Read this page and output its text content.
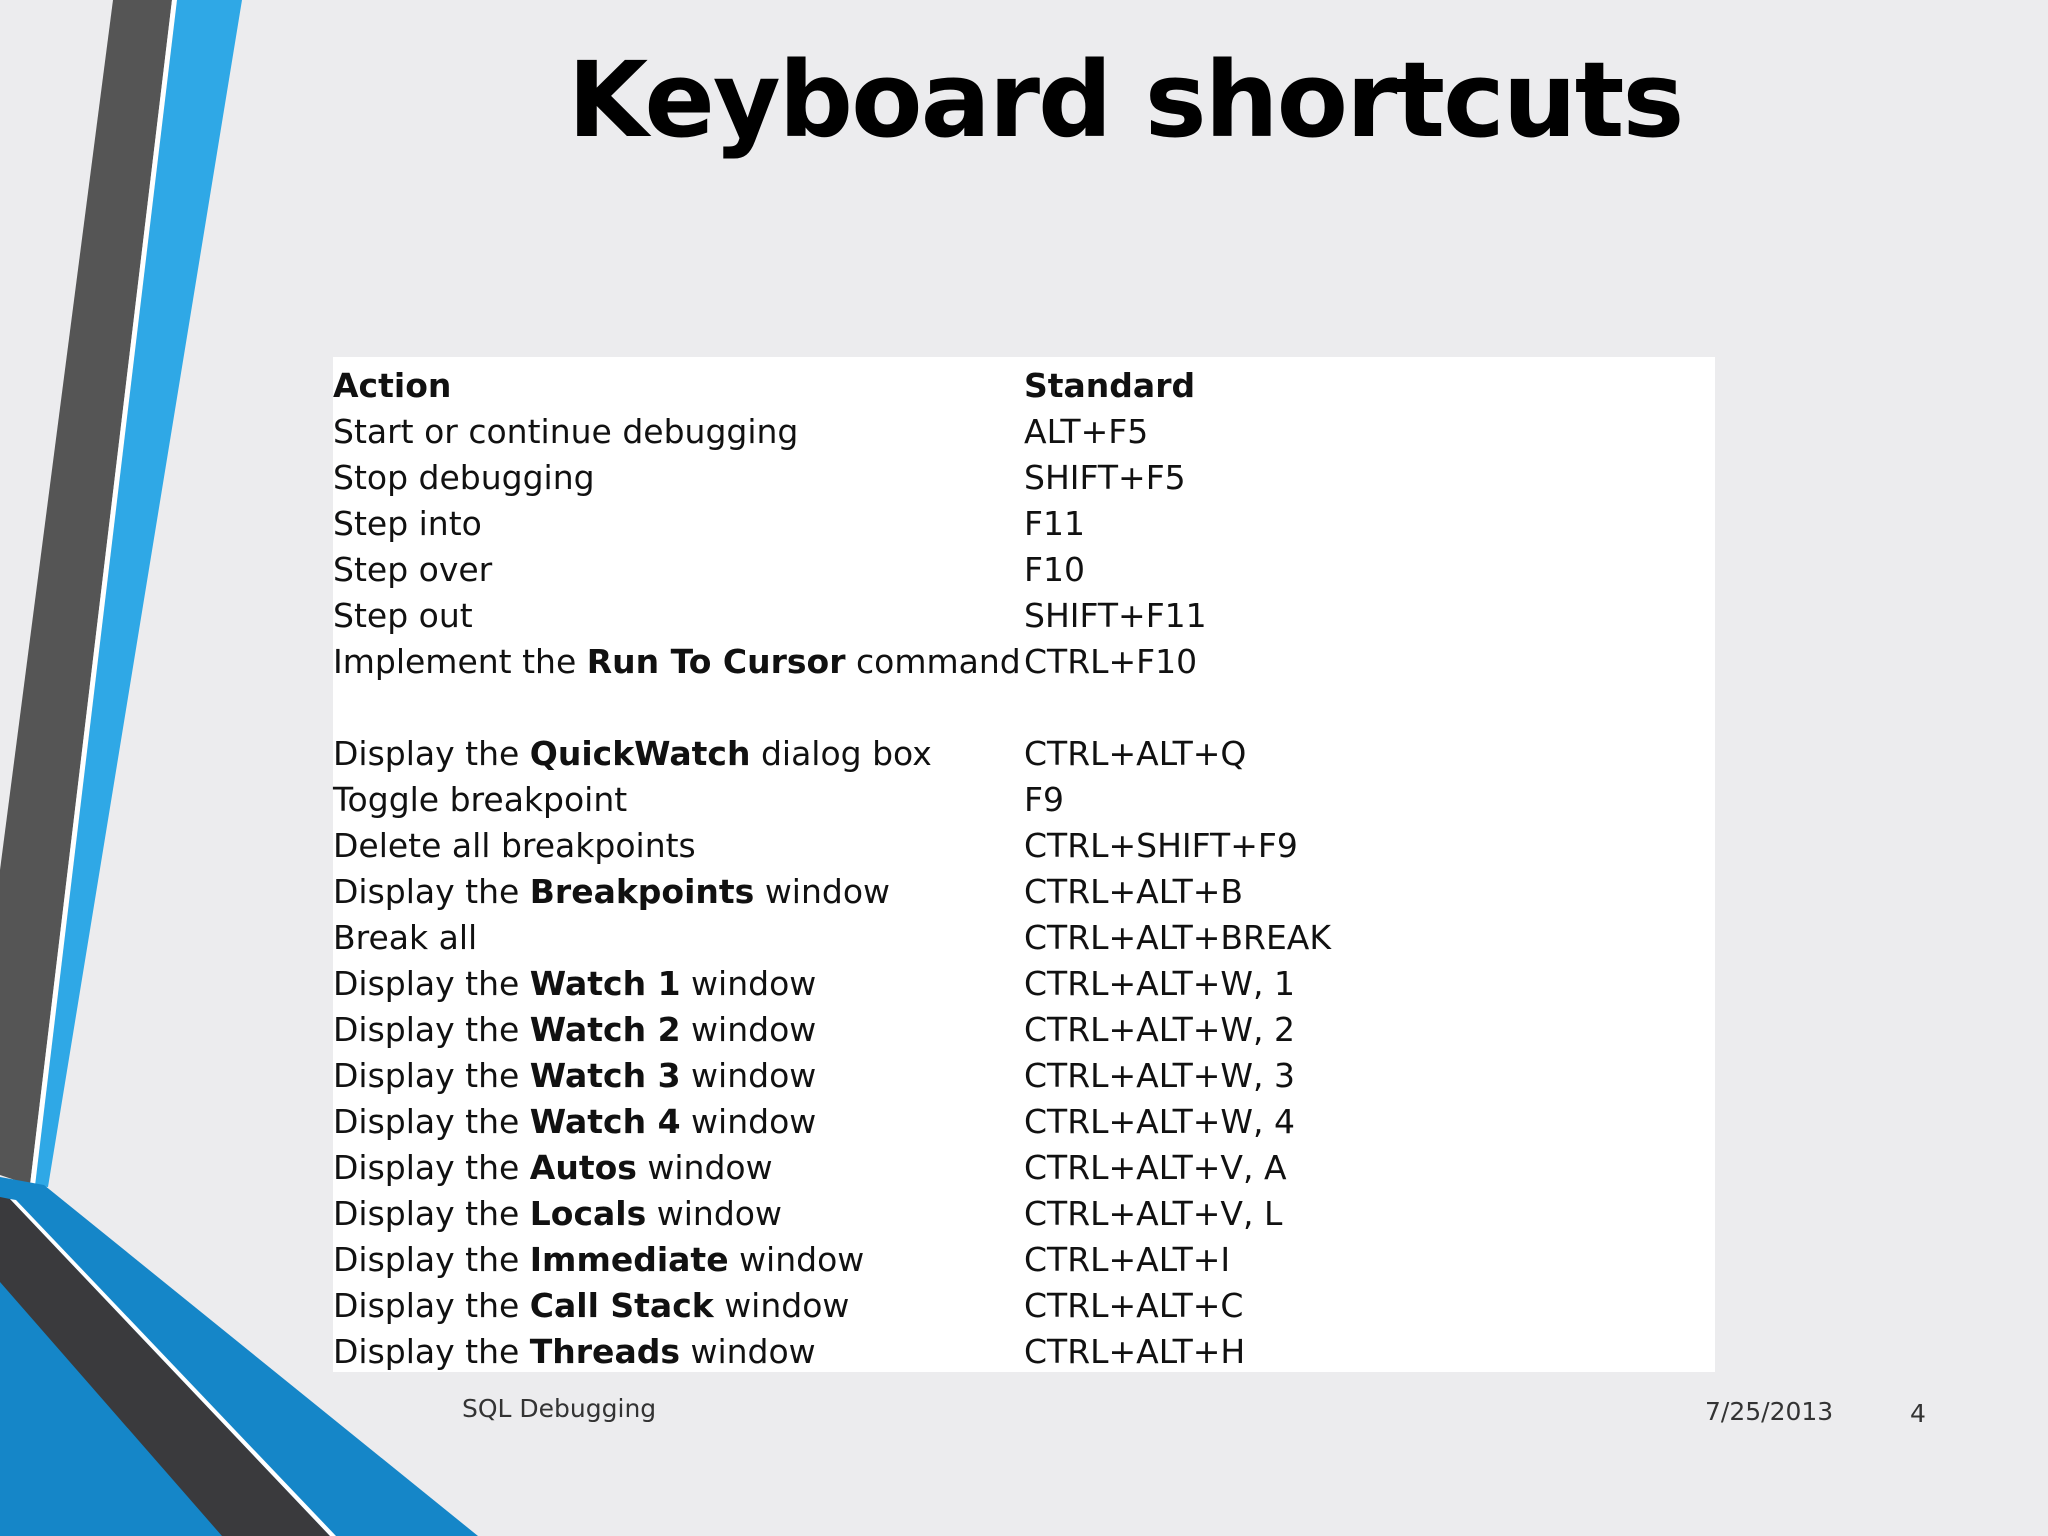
Keyboard shortcuts
Action	Standard
Start or continue debugging	ALT+F5
Stop debugging	SHIFT+F5
Step into	F11
Step over	F10
Step out	SHIFT+F11
Implement the Run To Cursor command	CTRL+F10

Display the QuickWatch dialog box	CTRL+ALT+Q
Toggle breakpoint	F9
Delete all breakpoints	CTRL+SHIFT+F9
Display the Breakpoints window	CTRL+ALT+B
Break all	CTRL+ALT+BREAK
Display the Watch 1 window	CTRL+ALT+W, 1
Display the Watch 2 window	CTRL+ALT+W, 2
Display the Watch 3 window	CTRL+ALT+W, 3
Display the Watch 4 window	CTRL+ALT+W, 4
Display the Autos window	CTRL+ALT+V, A
Display the Locals window	CTRL+ALT+V, L
Display the Immediate window	CTRL+ALT+I
Display the Call Stack window	CTRL+ALT+C
Display the Threads window	CTRL+ALT+H

SQL Debugging	7/25/2013	4
